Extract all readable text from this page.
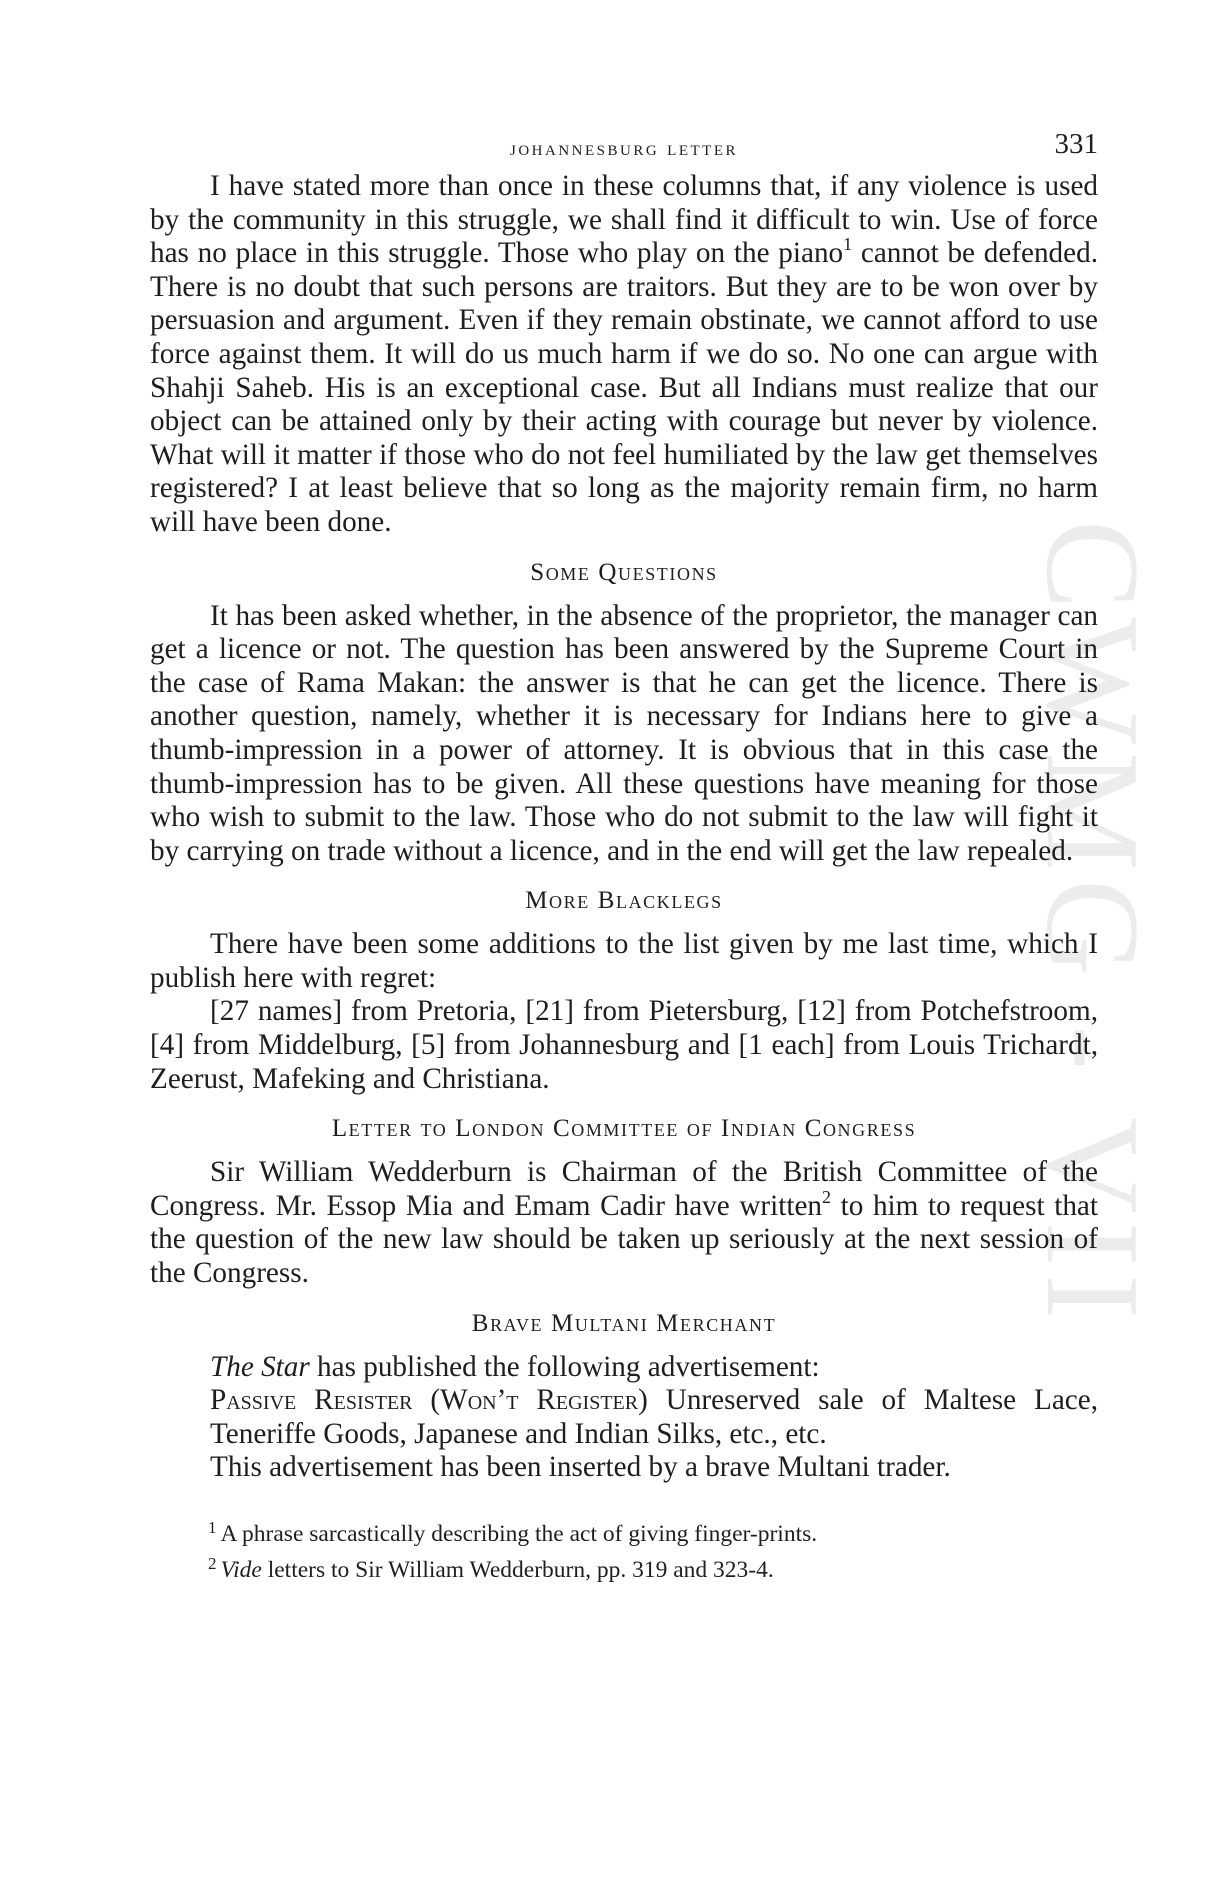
CWMG - VII
johannesburg letter	331

I have stated more than once in these columns that, if any violence is used by the community in this struggle, we shall find it difficult to win. Use of force has no place in this struggle. Those who play on the piano$^1$ cannot be defended. There is no doubt that such persons are traitors. But they are to be won over by persuasion and argument. Even if they remain obstinate, we cannot afford to use force against them. It will do us much harm if we do so. No one can argue with Shahji Saheb. His is an exceptional case. But all Indians must realize that our object can be attained only by their acting with courage but never by violence. What will it matter if those who do not feel humiliated by the law get themselves registered? I at least believe that so long as the majority remain firm, no harm will have been done.

Some Questions

It has been asked whether, in the absence of the proprietor, the manager can get a licence or not. The question has been answered by the Supreme Court in the case of Rama Makan: the answer is that he can get the licence. There is another question, namely, whether it is necessary for Indians here to give a thumb-impression in a power of attorney. It is obvious that in this case the thumb-impression has to be given. All these questions have meaning for those who wish to submit to the law. Those who do not submit to the law will fight it by carrying on trade without a licence, and in the end will get the law repealed.

More Blacklegs

There have been some additions to the list given by me last time, which I publish here with regret:

[27 names] from Pretoria, [21] from Pietersburg, [12] from Potchefstroom, [4] from Middelburg, [5] from Johannesburg and [1 each] from Louis Trichardt, Zeerust, Mafeking and Christiana.

Letter to London Committee of Indian Congress

Sir William Wedderburn is Chairman of the British Committee of the Congress. Mr. Essop Mia and Emam Cadir have written$^2$ to him to request that the question of the new law should be taken up seriously at the next session of the Congress.

Brave Multani Merchant

The Star has published the following advertisement:

Passive Resister (Won’t Register) Unreserved sale of Maltese Lace, Teneriffe Goods, Japanese and Indian Silks, etc., etc.

This advertisement has been inserted by a brave Multani trader.

$^1$ A phrase sarcastically describing the act of giving finger-prints.
$^2$ Vide letters to Sir William Wedderburn, pp. 319 and 323-4.
